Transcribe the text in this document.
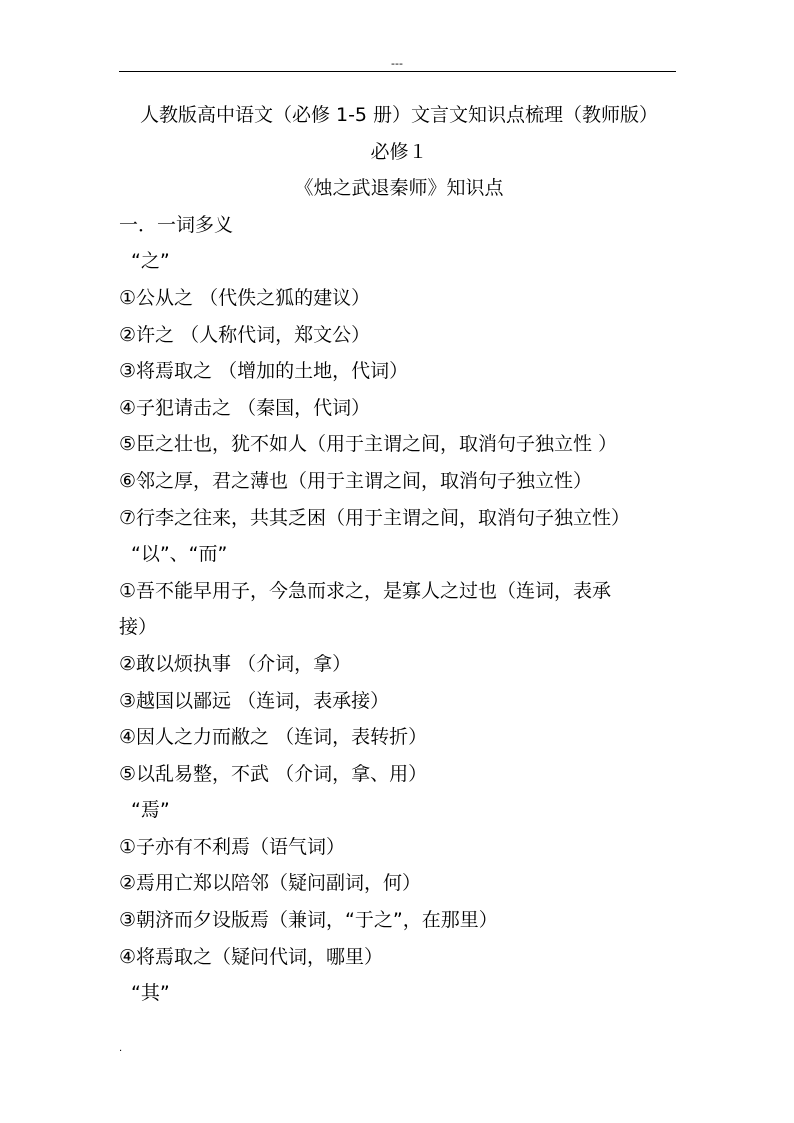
---
人教版高中语文（必修 1-5 册）文言文知识点梳理（教师版）
必修１
《烛之武退秦师》知识点
一．一词多义
“之”
①公从之 （代佚之狐的建议）
②许之 （人称代词，郑文公）
③将焉取之 （增加的土地，代词）
④子犯请击之 （秦国，代词）
⑤臣之壮也，犹不如人（用于主谓之间，取消句子独立性 ）
⑥邻之厚，君之薄也（用于主谓之间，取消句子独立性）
⑦行李之往来，共其乏困（用于主谓之间，取消句子独立性）
“以”、“而”
①吾不能早用子，今急而求之，是寡人之过也（连词，表承
接）
②敢以烦执事 （介词，拿）
③越国以鄙远 （连词，表承接）
④因人之力而敝之 （连词，表转折）
⑤以乱易整，不武 （介词，拿、用）
“焉”
①子亦有不利焉（语气词）
②焉用亡郑以陪邻（疑问副词，何）
③朝济而夕设版焉（兼词，“于之”，在那里）
④将焉取之（疑问代词，哪里）
“其”
.
